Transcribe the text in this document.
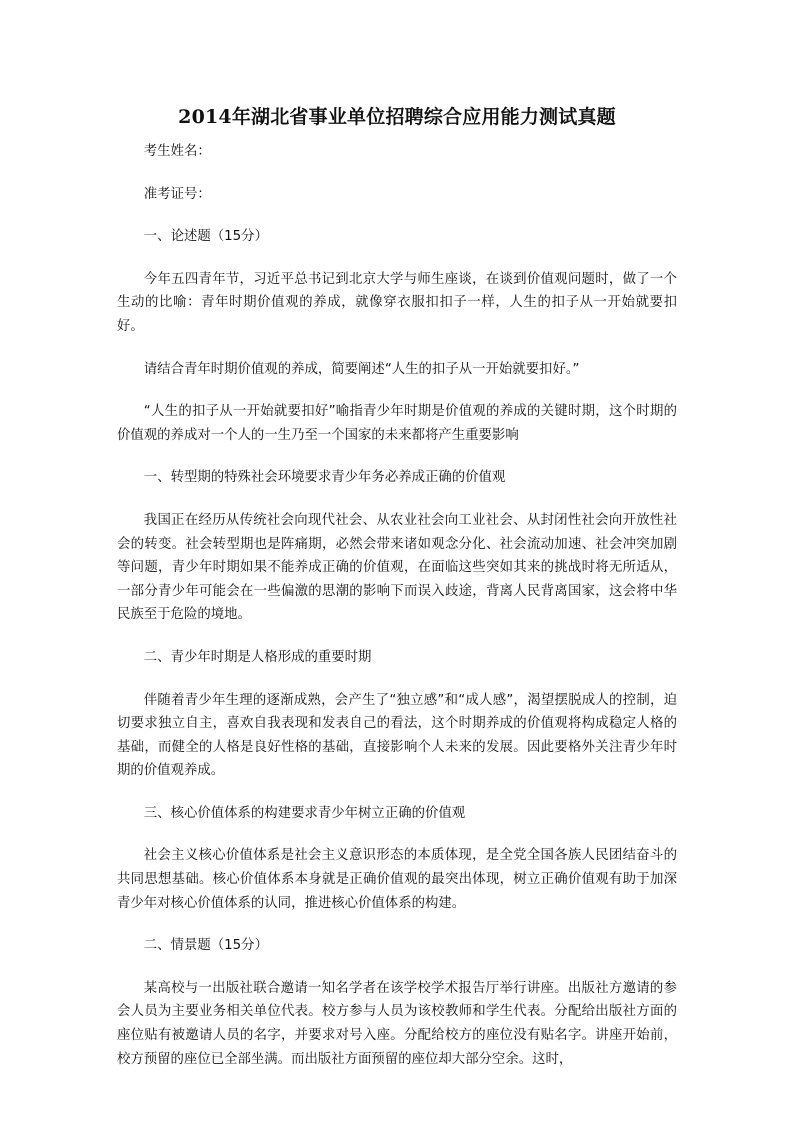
2014年湖北省事业单位招聘综合应用能力测试真题

考生姓名：

准考证号：

一、论述题（15分）

今年五四青年节，习近平总书记到北京大学与师生座谈，在谈到价值观问题时，做了一个生动的比喻：青年时期价值观的养成，就像穿衣服扣扣子一样，人生的扣子从一开始就要扣好。

请结合青年时期价值观的养成，简要阐述“人生的扣子从一开始就要扣好。”

“人生的扣子从一开始就要扣好”喻指青少年时期是价值观的养成的关键时期，这个时期的价值观的养成对一个人的一生乃至一个国家的未来都将产生重要影响

一、转型期的特殊社会环境要求青少年务必养成正确的价值观

我国正在经历从传统社会向现代社会、从农业社会向工业社会、从封闭性社会向开放性社会的转变。社会转型期也是阵痛期，必然会带来诸如观念分化、社会流动加速、社会冲突加剧等问题，青少年时期如果不能养成正确的价值观，在面临这些突如其来的挑战时将无所适从，一部分青少年可能会在一些偏激的思潮的影响下而误入歧途，背离人民背离国家，这会将中华民族至于危险的境地。

二、青少年时期是人格形成的重要时期

伴随着青少年生理的逐渐成熟，会产生了“独立感”和“成人感”，渴望摆脱成人的控制，迫切要求独立自主，喜欢自我表现和发表自己的看法，这个时期养成的价值观将构成稳定人格的基础，而健全的人格是良好性格的基础，直接影响个人未来的发展。因此要格外关注青少年时期的价值观养成。

三、核心价值体系的构建要求青少年树立正确的价值观

社会主义核心价值体系是社会主义意识形态的本质体现，是全党全国各族人民团结奋斗的共同思想基础。核心价值体系本身就是正确价值观的最突出体现，树立正确价值观有助于加深青少年对核心价值体系的认同，推进核心价值体系的构建。

二、情景题（15分）

某高校与一出版社联合邀请一知名学者在该学校学术报告厅举行讲座。出版社方邀请的参会人员为主要业务相关单位代表。校方参与人员为该校教师和学生代表。分配给出版社方面的座位贴有被邀请人员的名字，并要求对号入座。分配给校方的座位没有贴名字。讲座开始前，校方预留的座位已全部坐满。而出版社方面预留的座位却大部分空余。这时，
